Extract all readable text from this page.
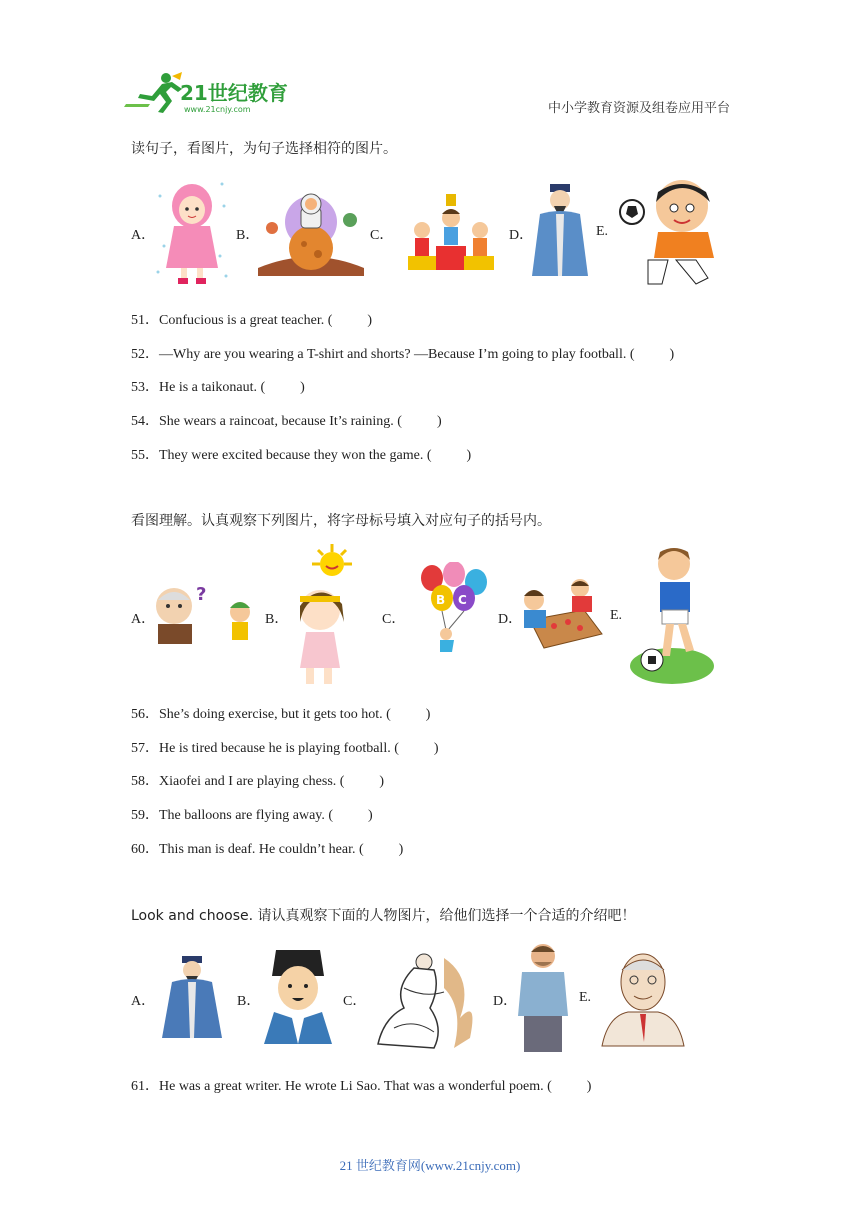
21世纪教育
www.21cnjy.com	中小学教育资源及组卷应用平台
读句子，看图片，为句子选择相符的图片。
A．	B．	C．	D．	E.
51．Confucious is a great teacher. (          )
52．—Why are you wearing a T-shirt and shorts? —Because I’m going to play football. (          )
53．He is a taikonaut. (          )
54．She wears a raincoat, because It’s raining. (          )
55．They were excited because they won the game. (          )
看图理解。认真观察下列图片，将字母标号填入对应句子的括号内。
A．
?
B．	C．
B C
D．	E.
56．She’s doing exercise, but it gets too hot. (          )
57．He is tired because he is playing football. (          )
58．Xiaofei and I are playing chess. (          )
59．The balloons are flying away. (          )
60．This man is deaf. He couldn’t hear. (          )
Look and choose. 请认真观察下面的人物图片，给他们选择一个合适的介绍吧！
A．	B．	C．	D．	E.
61．He was a great writer. He wrote Li Sao. That was a wonderful poem. (          )
21 世纪教育网(www.21cnjy.com)
